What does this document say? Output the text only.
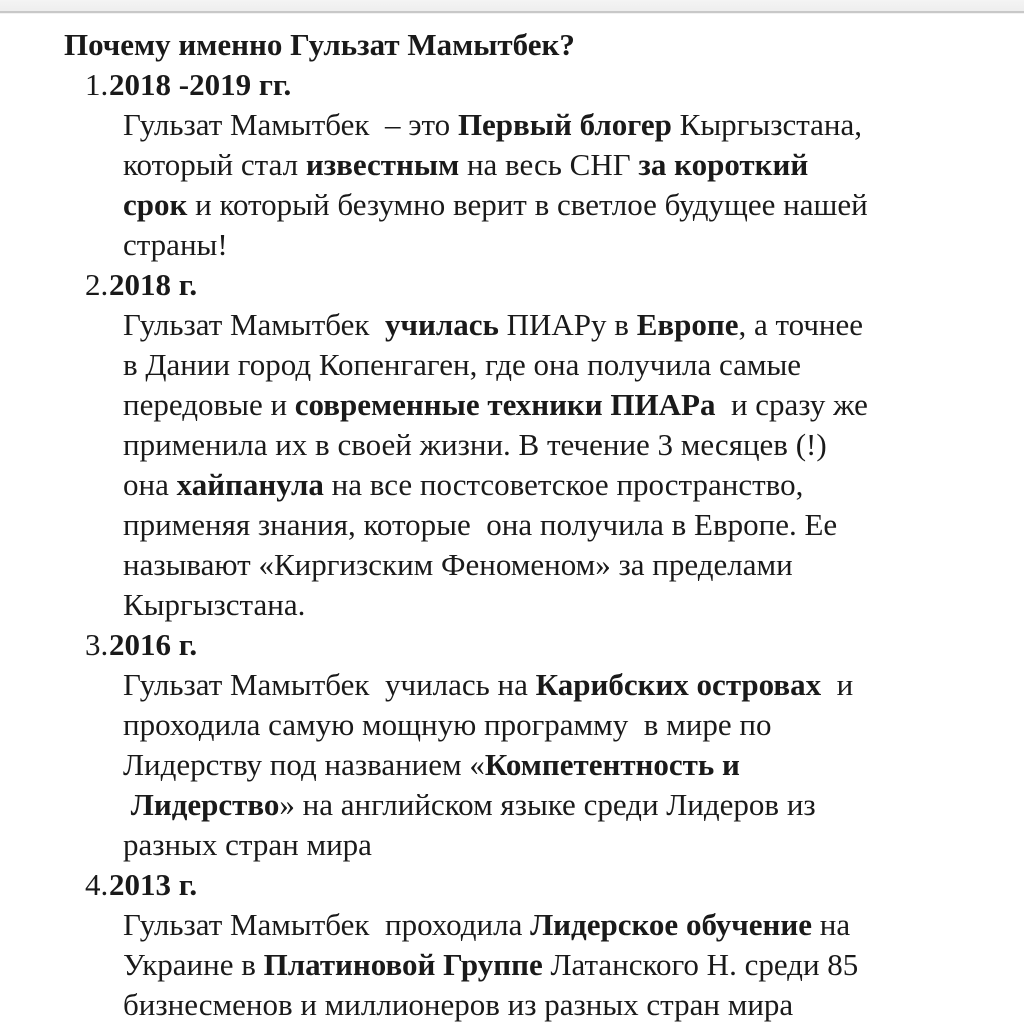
Почему именно Гульзат Мамытбек?
1.2018 -2019 гг.
Гульзат Мамытбек  – это Первый блогер Кыргызстана,
который стал известным на весь СНГ за короткий
срок и который безумно верит в светлое будущее нашей
страны!
2.2018 г.
Гульзат Мамытбек  училась ПИАРу в Европе, а точнее
в Дании город Копенгаген, где она получила самые
передовые и современные техники ПИАРа  и сразу же
применила их в своей жизни. В течение 3 месяцев (!)
она хайпанула на все постсоветское пространство,
применяя знания, которые  она получила в Европе. Ее
называют «Киргизским Феноменом» за пределами
Кыргызстана.
3.2016 г.
Гульзат Мамытбек  училась на Карибских островах  и
проходила самую мощную программу  в мире по
Лидерству под названием «Компетентность и
Лидерство» на английском языке среди Лидеров из
разных стран мира
4.2013 г.
Гульзат Мамытбек  проходила Лидерское обучение на
Украине в Платиновой Группе Латанского Н. среди 85
бизнесменов и миллионеров из разных стран мира
